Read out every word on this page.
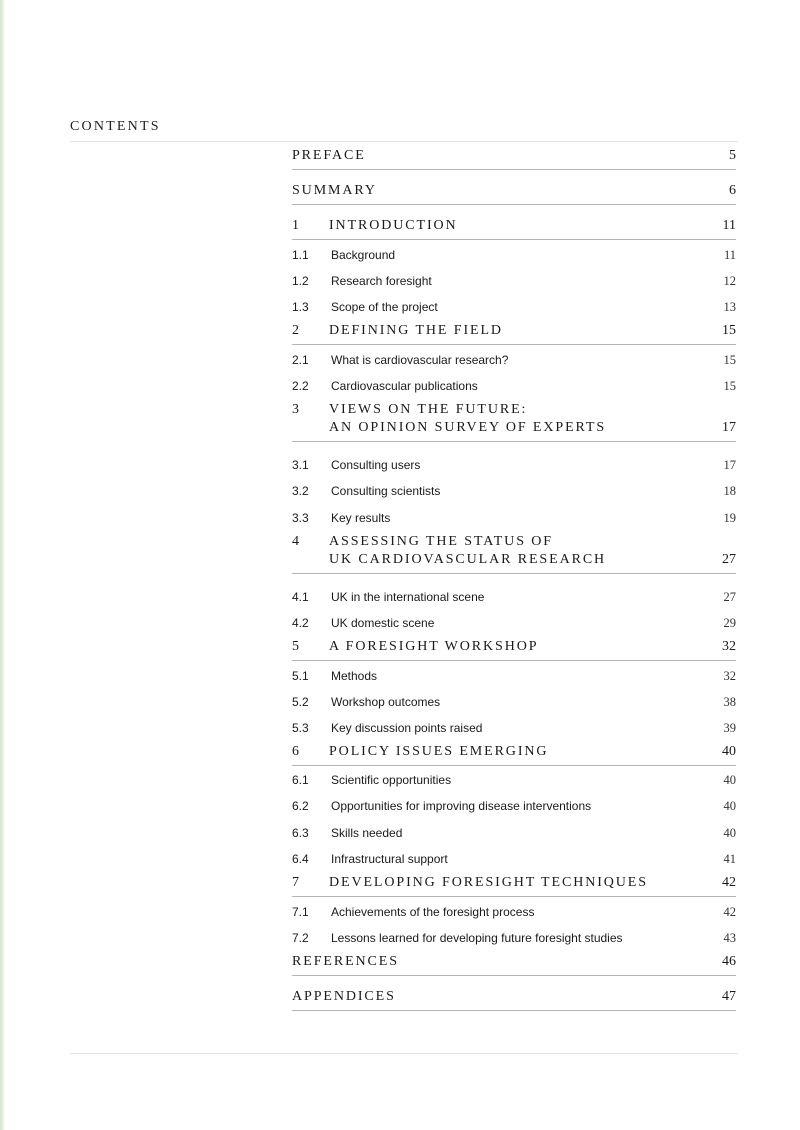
CONTENTS
PREFACE	5
SUMMARY	6
1 INTRODUCTION	11
1.1 Background	11
1.2 Research foresight	12
1.3 Scope of the project	13
2 DEFINING THE FIELD	15
2.1 What is cardiovascular research?	15
2.2 Cardiovascular publications	15
3 VIEWS ON THE FUTURE:
AN OPINION SURVEY OF EXPERTS	17
3.1 Consulting users	17
3.2 Consulting scientists	18
3.3 Key results	19
4 ASSESSING THE STATUS OF
UK CARDIOVASCULAR RESEARCH	27
4.1 UK in the international scene	27
4.2 UK domestic scene	29
5 A FORESIGHT WORKSHOP	32
5.1 Methods	32
5.2 Workshop outcomes	38
5.3 Key discussion points raised	39
6 POLICY ISSUES EMERGING	40
6.1 Scientific opportunities	40
6.2 Opportunities for improving disease interventions	40
6.3 Skills needed	40
6.4 Infrastructural support	41
7 DEVELOPING FORESIGHT TECHNIQUES	42
7.1 Achievements of the foresight process	42
7.2 Lessons learned for developing future foresight studies	43
REFERENCES	46
APPENDICES	47
